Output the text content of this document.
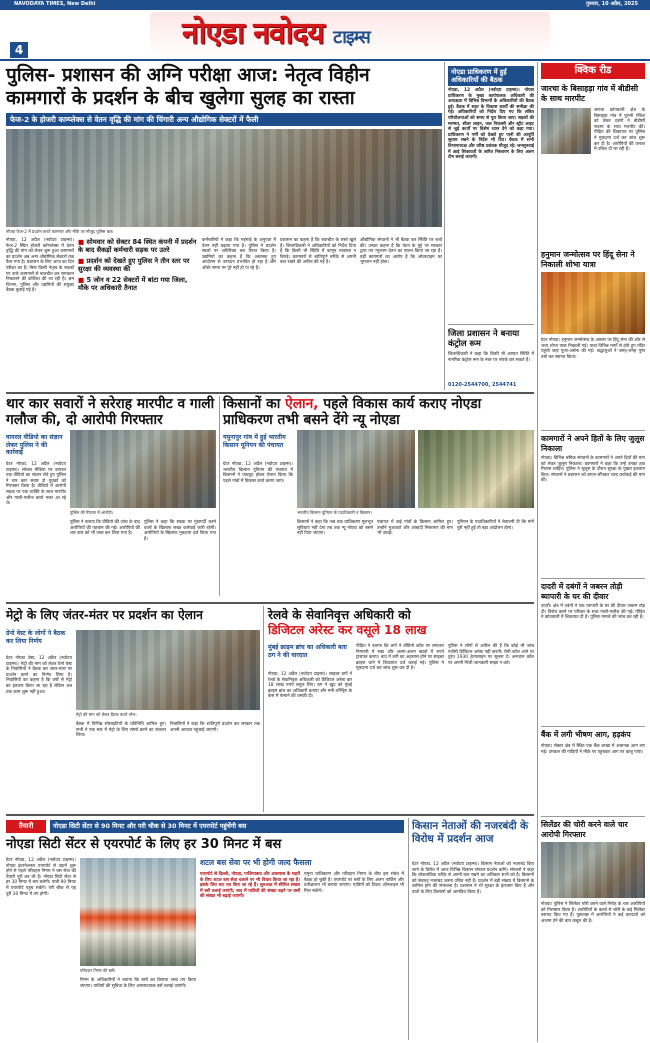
NAVODAYA TIMES, New Delhi	गुरुवार, 10 अप्रैल, 2025
4	नोएडा नवोदय टाइम्स
पुलिस- प्रशासन की अग्नि परीक्षा आज: नेतृत्व विहीन
कामगारों के प्रदर्शन के बीच खुलेगा सुलह का रास्ता
फेज-2 के होजरी काम्प्लेक्स से वेतन वृद्धि की मांग की चिंगारी अन्य औद्योगिक सेक्टरों में फैली
नोएडा फेज-2 में प्रदर्शन करते कामगार और मौके पर मौजूद पुलिस बल।
नोएडा, 12 अप्रैल (नवोदय टाइम्स)। फेज-2 स्थित होजरी कॉम्प्लेक्स में वेतन वृद्धि की मांग को लेकर शुरू हुआ कामगारों का प्रदर्शन अब अन्य औद्योगिक सेक्टरों तक फैल गया है। प्रशासन के लिए आज का दिन परीक्षा का है। बिना किसी नेतृत्व के सड़कों पर उतरे कामगारों से बातचीत कर समाधान निकालने की कोशिश की जा रही है। श्रम विभाग, पुलिस और उद्यमियों की संयुक्त बैठक बुलाई गई है।
■ सोमवार को सेक्टर 84 स्थित कंपनी में प्रदर्शन के बाद सैकड़ों कर्मचारी सड़क पर उतरे
■ प्रदर्शन को देखते हुए पुलिस ने तीन स्तर पर सुरक्षा की व्यवस्था की
■ 5 जोन व 22 सेक्टरों में बांटा गया जिला, मौके पर अधिकारी तैनात
कर्मचारियों ने कहा कि महंगाई के अनुपात में वेतन नहीं बढ़ाया गया है। पुलिस ने प्रदर्शन स्थलों पर अतिरिक्त बल तैनात किया है। उद्यमियों का कहना है कि अचानक हुए आंदोलन से उत्पादन प्रभावित हो रहा है और ऑर्डर समय पर पूरे नहीं हो पा रहे हैं।
प्रशासन का कहना है कि बातचीत के रास्ते खुले हैं। जिलाधिकारी ने अधिकारियों को निर्देश दिया है कि किसी भी स्थिति में कानून व्यवस्था न बिगड़े। कामगारों से शांतिपूर्ण तरीके से अपनी बात रखने की अपील की गई है।
औद्योगिक संगठनों ने भी बैठक कर स्थिति पर चर्चा की। उनका कहना है कि वेतन के मुद्दे पर सरकार द्वारा तय न्यूनतम वेतन का पालन किया जा रहा है। वहीं कामगारों का आरोप है कि ओवरटाइम का भुगतान नहीं होता।
नोएडा प्राधिकरण में हुई अधिकारियों की बैठक
नोएडा, 12 अप्रैल (नवोदय टाइम्स)। नोएडा प्राधिकरण के मुख्य कार्यपालक अधिकारी की अध्यक्षता में विभिन्न विभागों के अधिकारियों की बैठक हुई। बैठक में शहर के विकास कार्यों की समीक्षा की गई। अधिकारियों को निर्देश दिए गए कि लंबित परियोजनाओं को समय से पूरा किया जाए। सड़कों की मरम्मत, सीवर लाइन, जल निकासी और स्ट्रीट लाइट से जुड़े कार्यों पर विशेष ध्यान देने को कहा गया। प्राधिकरण ने गर्मी को देखते हुए पानी की आपूर्ति सुचारु रखने के निर्देश भी दिए। बैठक में सभी विभागाध्यक्ष और वरिष्ठ प्रबंधक मौजूद रहे। जनसुनवाई में आई शिकायतों के त्वरित निस्तारण के लिए अलग टीम बनाई जाएगी।
जिला प्रशासन ने बनाया कंट्रोल रूम
जिलाधिकारी ने कहा कि किसी भी आपात स्थिति में नागरिक कंट्रोल रूम के नंबर पर संपर्क कर सकते हैं।
0120-2544700, 2544741
क्विक रीड
जारचा के बिसाहड़ा गांव में बीडीसी के साथ मारपीट
जारचा कोतवाली क्षेत्र के बिसाहड़ा गांव में पुरानी रंजिश को लेकर दबंगों ने बीडीसी सदस्य के साथ मारपीट की। पीड़ित की शिकायत पर पुलिस ने मुकदमा दर्ज कर जांच शुरू कर दी है। आरोपियों की तलाश में दबिश दी जा रही है।
हनुमान जन्मोत्सव पर हिंदू सेना ने निकाली शोभा यात्रा
ग्रेटर नोएडा। हनुमान जन्मोत्सव के अवसर पर हिंदू सेना की ओर से भव्य शोभा यात्रा निकाली गई। यात्रा विभिन्न मार्गों से होते हुए मंदिर पहुंची जहां पूजा-अर्चना की गई। श्रद्धालुओं ने जगह-जगह पुष्प वर्षा कर स्वागत किया।
कामगारों ने अपने हितों के लिए जुलूस निकाला
नोएडा। विभिन्न श्रमिक संगठनों के कामगारों ने अपने हितों की मांग को लेकर जुलूस निकाला। कामगारों ने कहा कि उन्हें उनका हक मिलना चाहिए। पुलिस ने जुलूस के दौरान सुरक्षा के पुख्ता इंतजाम किए। संगठनों ने प्रशासन को ज्ञापन सौंपकर जल्द कार्रवाई की मांग की।
दादरी में दबंगों ने जबरन तोड़ी ब्यापारी के घर की दीवार
दादरी। क्षेत्र में दबंगों ने एक व्यापारी के घर की दीवार जबरन तोड़ दी। विरोध करने पर परिवार के साथ गाली-गलौज की गई। पीड़ित ने कोतवाली में शिकायत दी है। पुलिस मामले की जांच कर रही है।
बैंक में लगी भीषण आग, हड़कंप
नोएडा। सेक्टर क्षेत्र में स्थित एक बैंक शाखा में अचानक आग लग गई। दमकल की गाड़ियों ने मौके पर पहुंचकर आग पर काबू पाया।
सिलेंडर की चोरी करने वाले चार आरोपी गिरफ्तार
नोएडा। पुलिस ने सिलेंडर चोरी करने वाले गिरोह के चार आरोपियों को गिरफ्तार किया है। आरोपियों के कब्जे से चोरी के कई सिलेंडर बरामद किए गए हैं। पूछताछ में आरोपियों ने कई वारदातों को अंजाम देने की बात कबूल की है।
थार कार सवारों ने सरेराह मारपीट व गाली गलौज की, दो आरोपी गिरफ्तार
वायरल वीडियो का संज्ञान लेकर पुलिस ने की कार्रवाई
ग्रेटर नोएडा, 12 अप्रैल (नवोदय टाइम्स)। सोशल मीडिया पर वायरल एक वीडियो का संज्ञान लेते हुए पुलिस ने थार कार सवार दो युवकों को गिरफ्तार किया है। वीडियो में आरोपी सड़क पर एक व्यक्ति के साथ मारपीट और गाली-गलौज करते नजर आ रहे थे।
पुलिस की गिरफ्त में आरोपी।
पुलिस ने बताया कि वीडियो की जांच के बाद आरोपियों की पहचान की गई। आरोपियों की थार कार को भी जब्त कर लिया गया है।
पुलिस ने कहा कि सड़क पर गुंडागर्दी करने वालों के खिलाफ सख्त कार्रवाई जारी रहेगी। आरोपियों के खिलाफ मुकदमा दर्ज किया गया है।
किसानों का ऐलान, पहले विकास कार्य कराए नोएडा प्राधिकरण तभी बसने देंगे न्यू नोएडा
यमुनापुर गांव में हुई भारतीय किसान यूनियन की पंचायत
ग्रेटर नोएडा, 12 अप्रैल (नवोदय टाइम्स)। भारतीय किसान यूनियन की पंचायत में किसानों ने एकजुट होकर ऐलान किया कि पहले गांवों में विकास कार्य कराए जाएं।
भारतीय किसान यूनियन के पदाधिकारी व किसान।
किसानों ने कहा कि जब तक प्राधिकरण मूलभूत सुविधाएं नहीं देगा तब तक न्यू नोएडा को बसने नहीं दिया जाएगा।
पंचायत में कई गांवों के किसान शामिल हुए। उन्होंने मुआवजे और आबादी निस्तारण की मांग भी उठाई।
यूनियन के पदाधिकारियों ने चेतावनी दी कि मांगें पूरी नहीं हुई तो बड़ा आंदोलन होगा।
मेट्रो के लिए जंतर-मंतर पर प्रदर्शन का ऐलान
ग्रेनो वेस्ट के लोगों ने बैठक कर लिया निर्णय
ग्रेटर नोएडा वेस्ट, 12 अप्रैल (नवोदय टाइम्स)। मेट्रो की मांग को लेकर ग्रेनो वेस्ट के निवासियों ने बैठक कर जंतर-मंतर पर प्रदर्शन करने का निर्णय लिया है। निवासियों का कहना है कि वर्षों से मेट्रो का इंतजार किया जा रहा है लेकिन अब तक काम शुरू नहीं हुआ।
मेट्रो की मांग को लेकर बैठक करते लोग।
बैठक में विभिन्न सोसाइटियों के प्रतिनिधि शामिल हुए। सभी ने एक स्वर में मेट्रो के लिए संघर्ष करने का संकल्प लिया।
निवासियों ने कहा कि शांतिपूर्ण प्रदर्शन कर सरकार तक अपनी आवाज पहुंचाई जाएगी।
रेलवे के सेवानिवृत्त अधिकारी को
डिजिटल अरेस्ट कर वसूले 18 लाख
मुंबई क्राइम ब्रांच का अधिकारी बता ठग ने की वारदात
नोएडा, 12 अप्रैल (नवोदय टाइम्स)। साइबर ठगों ने रेलवे के सेवानिवृत्त अधिकारी को डिजिटल अरेस्ट कर 18 लाख रुपये वसूल लिए। ठग ने खुद को मुंबई क्राइम ब्रांच का अधिकारी बताया और मनी लॉन्ड्रिंग के केस में फंसाने की धमकी दी।
पीड़ित ने बताया कि ठगों ने वीडियो कॉल पर लगातार निगरानी में रखा और अलग-अलग खातों में रुपये ट्रांसफर कराए। बाद में ठगी का अहसास होने पर साइबर क्राइम थाने में शिकायत दर्ज कराई गई। पुलिस ने मुकदमा दर्ज कर जांच शुरू कर दी है।
पुलिस ने लोगों से अपील की है कि कोई भी जांच एजेंसी डिजिटल अरेस्ट नहीं करती। ऐसी कॉल आने पर तुरंत 1930 हेल्पलाइन पर सूचना दें। अनजान कॉल पर अपनी निजी जानकारी साझा न करें।
तैयारी	नोएडा सिटी सेंटर से 90 मिनट और परी चौक से 30 मिनट में एयरपोर्ट पहुंचेंगी बस
नोएडा सिटी सेंटर से एयरपोर्ट के लिए हर 30 मिनट में बस
ग्रेटर नोएडा, 12 अप्रैल (नवोदय टाइम्स)। नोएडा इंटरनेशनल एयरपोर्ट से उड़ानें शुरू होने से पहले परिवहन निगम ने बस सेवा की तैयारी पूरी कर ली है। नोएडा सिटी सेंटर से हर 30 मिनट में बस चलेगी। यात्री 90 मिनट में एयरपोर्ट पहुंच सकेंगे। परी चौक से यह दूरी 30 मिनट में तय होगी।
परिवहन निगम की बसें।
निगम के अधिकारियों ने बताया कि बसों का किराया जल्द तय किया जाएगा। यात्रियों की सुविधा के लिए आरामदायक बसें चलाई जाएंगी।
शटल बस सेवा पर भी होगी जल्द फैसला
एयरपोर्ट से दिल्ली, नोएडा, गाजियाबाद और आसपास के शहरों के लिए शटल बस सेवा चलाने पर भी विचार किया जा रहा है। इसके लिए रूट तय किए जा रहे हैं। शुरुआत में सीमित संख्या में बसें चलाई जाएंगी, बाद में यात्रियों की संख्या बढ़ने पर बसों की संख्या भी बढ़ाई जाएगी।
यमुना प्राधिकरण और परिवहन निगम के बीच इस संबंध में बैठक हो चुकी है। एयरपोर्ट पर बसों के लिए अलग पार्किंग और प्रतीक्षालय भी बनाया जाएगा। यात्रियों को टिकट ऑनलाइन भी मिल सकेंगे।
किसान नेताओं की नजरबंदी के विरोध में प्रदर्शन आज
ग्रेटर नोएडा, 12 अप्रैल (नवोदय टाइम्स)। किसान नेताओं को नजरबंद किए जाने के विरोध में आज विभिन्न किसान संगठन प्रदर्शन करेंगे। संगठनों ने कहा कि लोकतांत्रिक तरीके से अपनी बात रखने का अधिकार सभी को है। किसानों को बेवजह नजरबंद करना उचित नहीं है। प्रदर्शन में बड़ी संख्या में किसानों के शामिल होने की संभावना है। प्रशासन ने भी सुरक्षा के इंतजाम किए हैं और वार्ता के लिए किसानों को आमंत्रित किया है।
